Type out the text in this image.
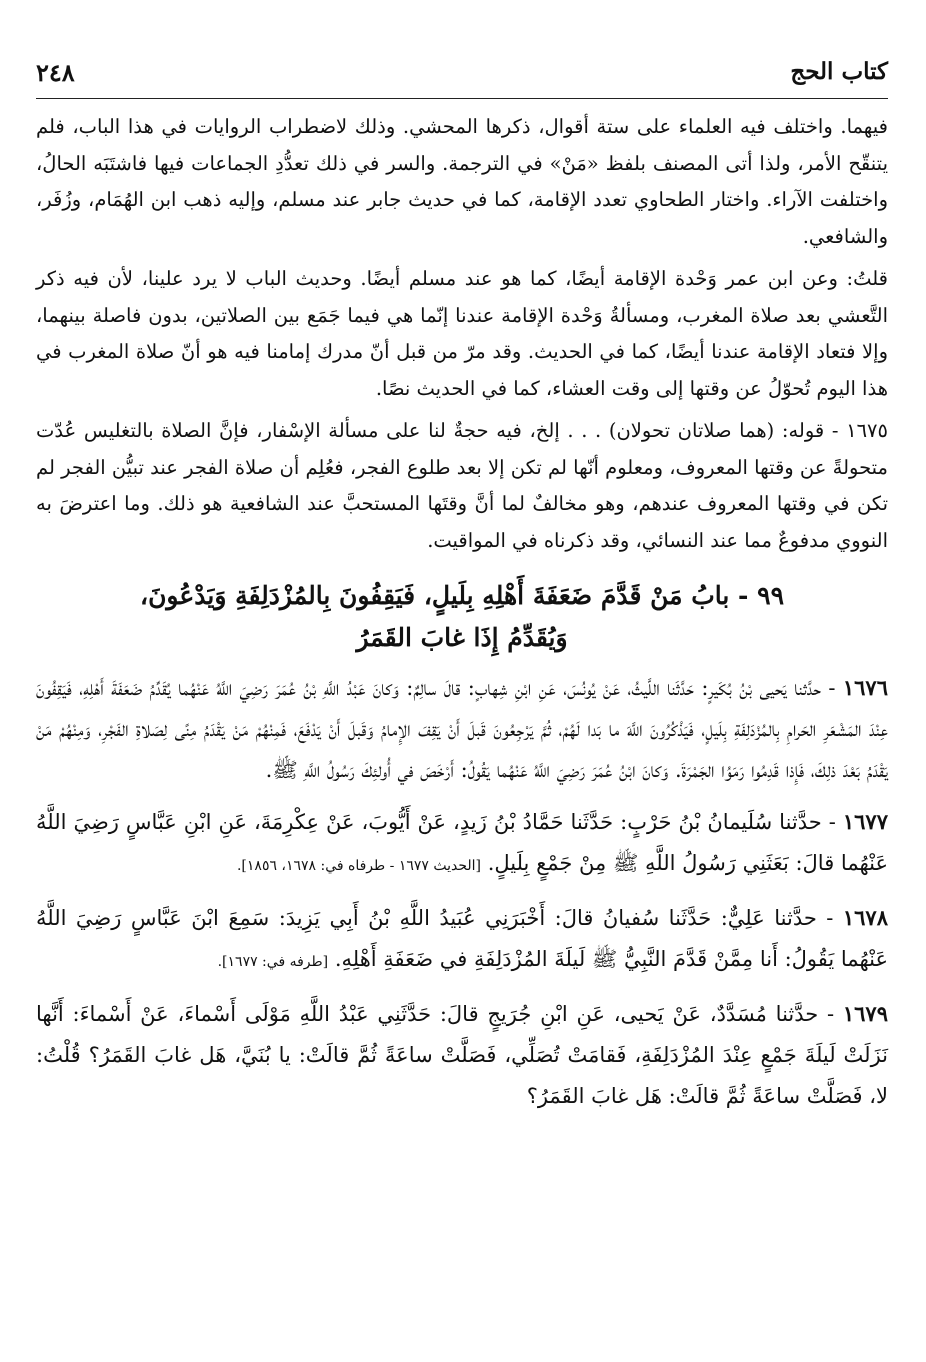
كتاب الحج
٢٤٨

فيهما. واختلف فيه العلماء على ستة أقوال، ذكرها المحشي. وذلك لاضطراب الروايات في هذا الباب، فلم يتنقّح الأمر، ولذا أتى المصنف بلفظ «مَنْ» في الترجمة. والسر في ذلك تعدُّدِ الجماعات فيها فاشتَبَه الحالُ، واختلفت الآراء. واختار الطحاوي تعدد الإقامة، كما في حديث جابر عند مسلم، وإليه ذهب ابن الهُمَام، وزُفَر، والشافعي.

قلتُ: وعن ابن عمر وَحْدة الإقامة أيضًا، كما هو عند مسلم أيضًا. وحديث الباب لا يرد علينا، لأن فيه ذكر التَّعشي بعد صلاة المغرب، ومسألةُ وَحْدة الإقامة عندنا إنّما هي فيما جَمَع بين الصلاتين، بدون فاصلة بينهما، وإلا فتعاد الإقامة عندنا أيضًا، كما في الحديث. وقد مرّ من قبل أنّ مدرك إمامنا فيه هو أنّ صلاة المغرب في هذا اليوم تُحوّلُ عن وقتها إلى وقت العشاء، كما في الحديث نصًا.

١٦٧٥ - قوله: (هما صلاتان تحولان) . . . إلخ، فيه حجةٌ لنا على مسألة الإسْفار، فإنَّ الصلاة بالتغليس عُدّت متحولةً عن وقتها المعروف، ومعلوم أنّها لم تكن إلا بعد طلوع الفجر، فعُلِم أن صلاة الفجر عند تبيُّن الفجر لم تكن في وقتها المعروف عندهم، وهو مخالفٌ لما أنَّ وقتَها المستحبَّ عند الشافعية هو ذلك. وما اعترضَ به النووي مدفوعٌ مما عند النسائي، وقد ذكرناه في المواقيت.

٩٩ - بابُ مَنْ قَدَّمَ ضَعَفَةَ أَهْلِهِ بِلَيلٍ، فَيَقِفُونَ بِالمُزْدَلِفَةِ وَيَدْعُونَ،
وَيُقَدِّمُ إِذَا غابَ القَمَرُ

١٦٧٦ - حدَّثنا يَحيى بْنُ بُكَيرٍ: حَدَّثَنا اللَّيثُ، عَنْ يُونُسَ، عَنِ ابْنِ شِهابٍ: قالَ سالِمٌ: وَكانَ عَبْدُ اللَّهِ بْنُ عُمَرَ رَضِيَ اللَّهُ عَنْهُما يُقَدِّمُ ضَعَفَةَ أَهْلِهِ، فَيَقِفُونَ عِنْدَ المَشْعَرِ الحَرامِ بِالمُزْدَلِفَةِ بِلَيلٍ، فَيَذْكُرُونَ اللَّهَ ما بَدا لَهُمْ، ثُمَّ يَرْجِعُونَ قَبلَ أَنْ يَقِفَ الإِمامُ وَقَبلَ أَنْ يَدْفَعَ، فَمِنْهُمْ مَنْ يَقْدَمُ مِنًى لِصَلاةِ الفَجْرِ، وَمِنْهُمْ مَنْ يَقْدَمُ بَعْدَ ذلِكَ، فَإِذا قَدِمُوا رَمَوُا الجَمْرَةَ. وَكانَ ابْنُ عُمَرَ رَضِيَ اللَّهُ عَنْهُما يَقُولُ: أَرْخَصَ في أُولئِكَ رَسُولُ اللَّهِ ﷺ.

١٦٧٧ - حدَّثنا سُلَيمانُ بْنُ حَرْبٍ: حَدَّثَنا حَمَّادُ بْنُ زَيدٍ، عَنْ أَيُّوبَ، عَنْ عِكْرِمَةَ، عَنِ ابْنِ عَبَّاسٍ رَضِيَ اللَّهُ عَنْهُما قالَ: بَعَثَنِي رَسُولُ اللَّهِ ﷺ مِنْ جَمْعٍ بِلَيلٍ. [الحديث ١٦٧٧ - طرفاه في: ١٦٧٨، ١٨٥٦].

١٦٧٨ - حدَّثنا عَلِيٌّ: حَدَّثَنا سُفيانُ قالَ: أَخْبَرَنِي عُبَيدُ اللَّهِ بْنُ أَبِي يَزِيدَ: سَمِعَ ابْنَ عَبَّاسٍ رَضِيَ اللَّهُ عَنْهُما يَقُولُ: أَنا مِمَّنْ قَدَّمَ النَّبِيُّ ﷺ لَيلَةَ المُزْدَلِفَةِ في ضَعَفَةِ أَهْلِهِ. [طرفه في: ١٦٧٧].

١٦٧٩ - حدَّثنا مُسَدَّدٌ، عَنْ يَحيى، عَنِ ابْنِ جُرَيجٍ قالَ: حَدَّثَنِي عَبْدُ اللَّهِ مَوْلَى أَسْماءَ، عَنْ أَسْماءَ: أَنَّها نَزَلَتْ لَيلَةَ جَمْعٍ عِنْدَ المُزْدَلِفَةِ، فَقامَتْ تُصَلِّي، فَصَلَّتْ ساعَةً ثُمَّ قالَتْ: يا بُنَيَّ، هَل غابَ القَمَرُ؟ قُلْتُ: لا، فَصَلَّتْ ساعَةً ثُمَّ قالَتْ: هَل غابَ القَمَرُ؟
